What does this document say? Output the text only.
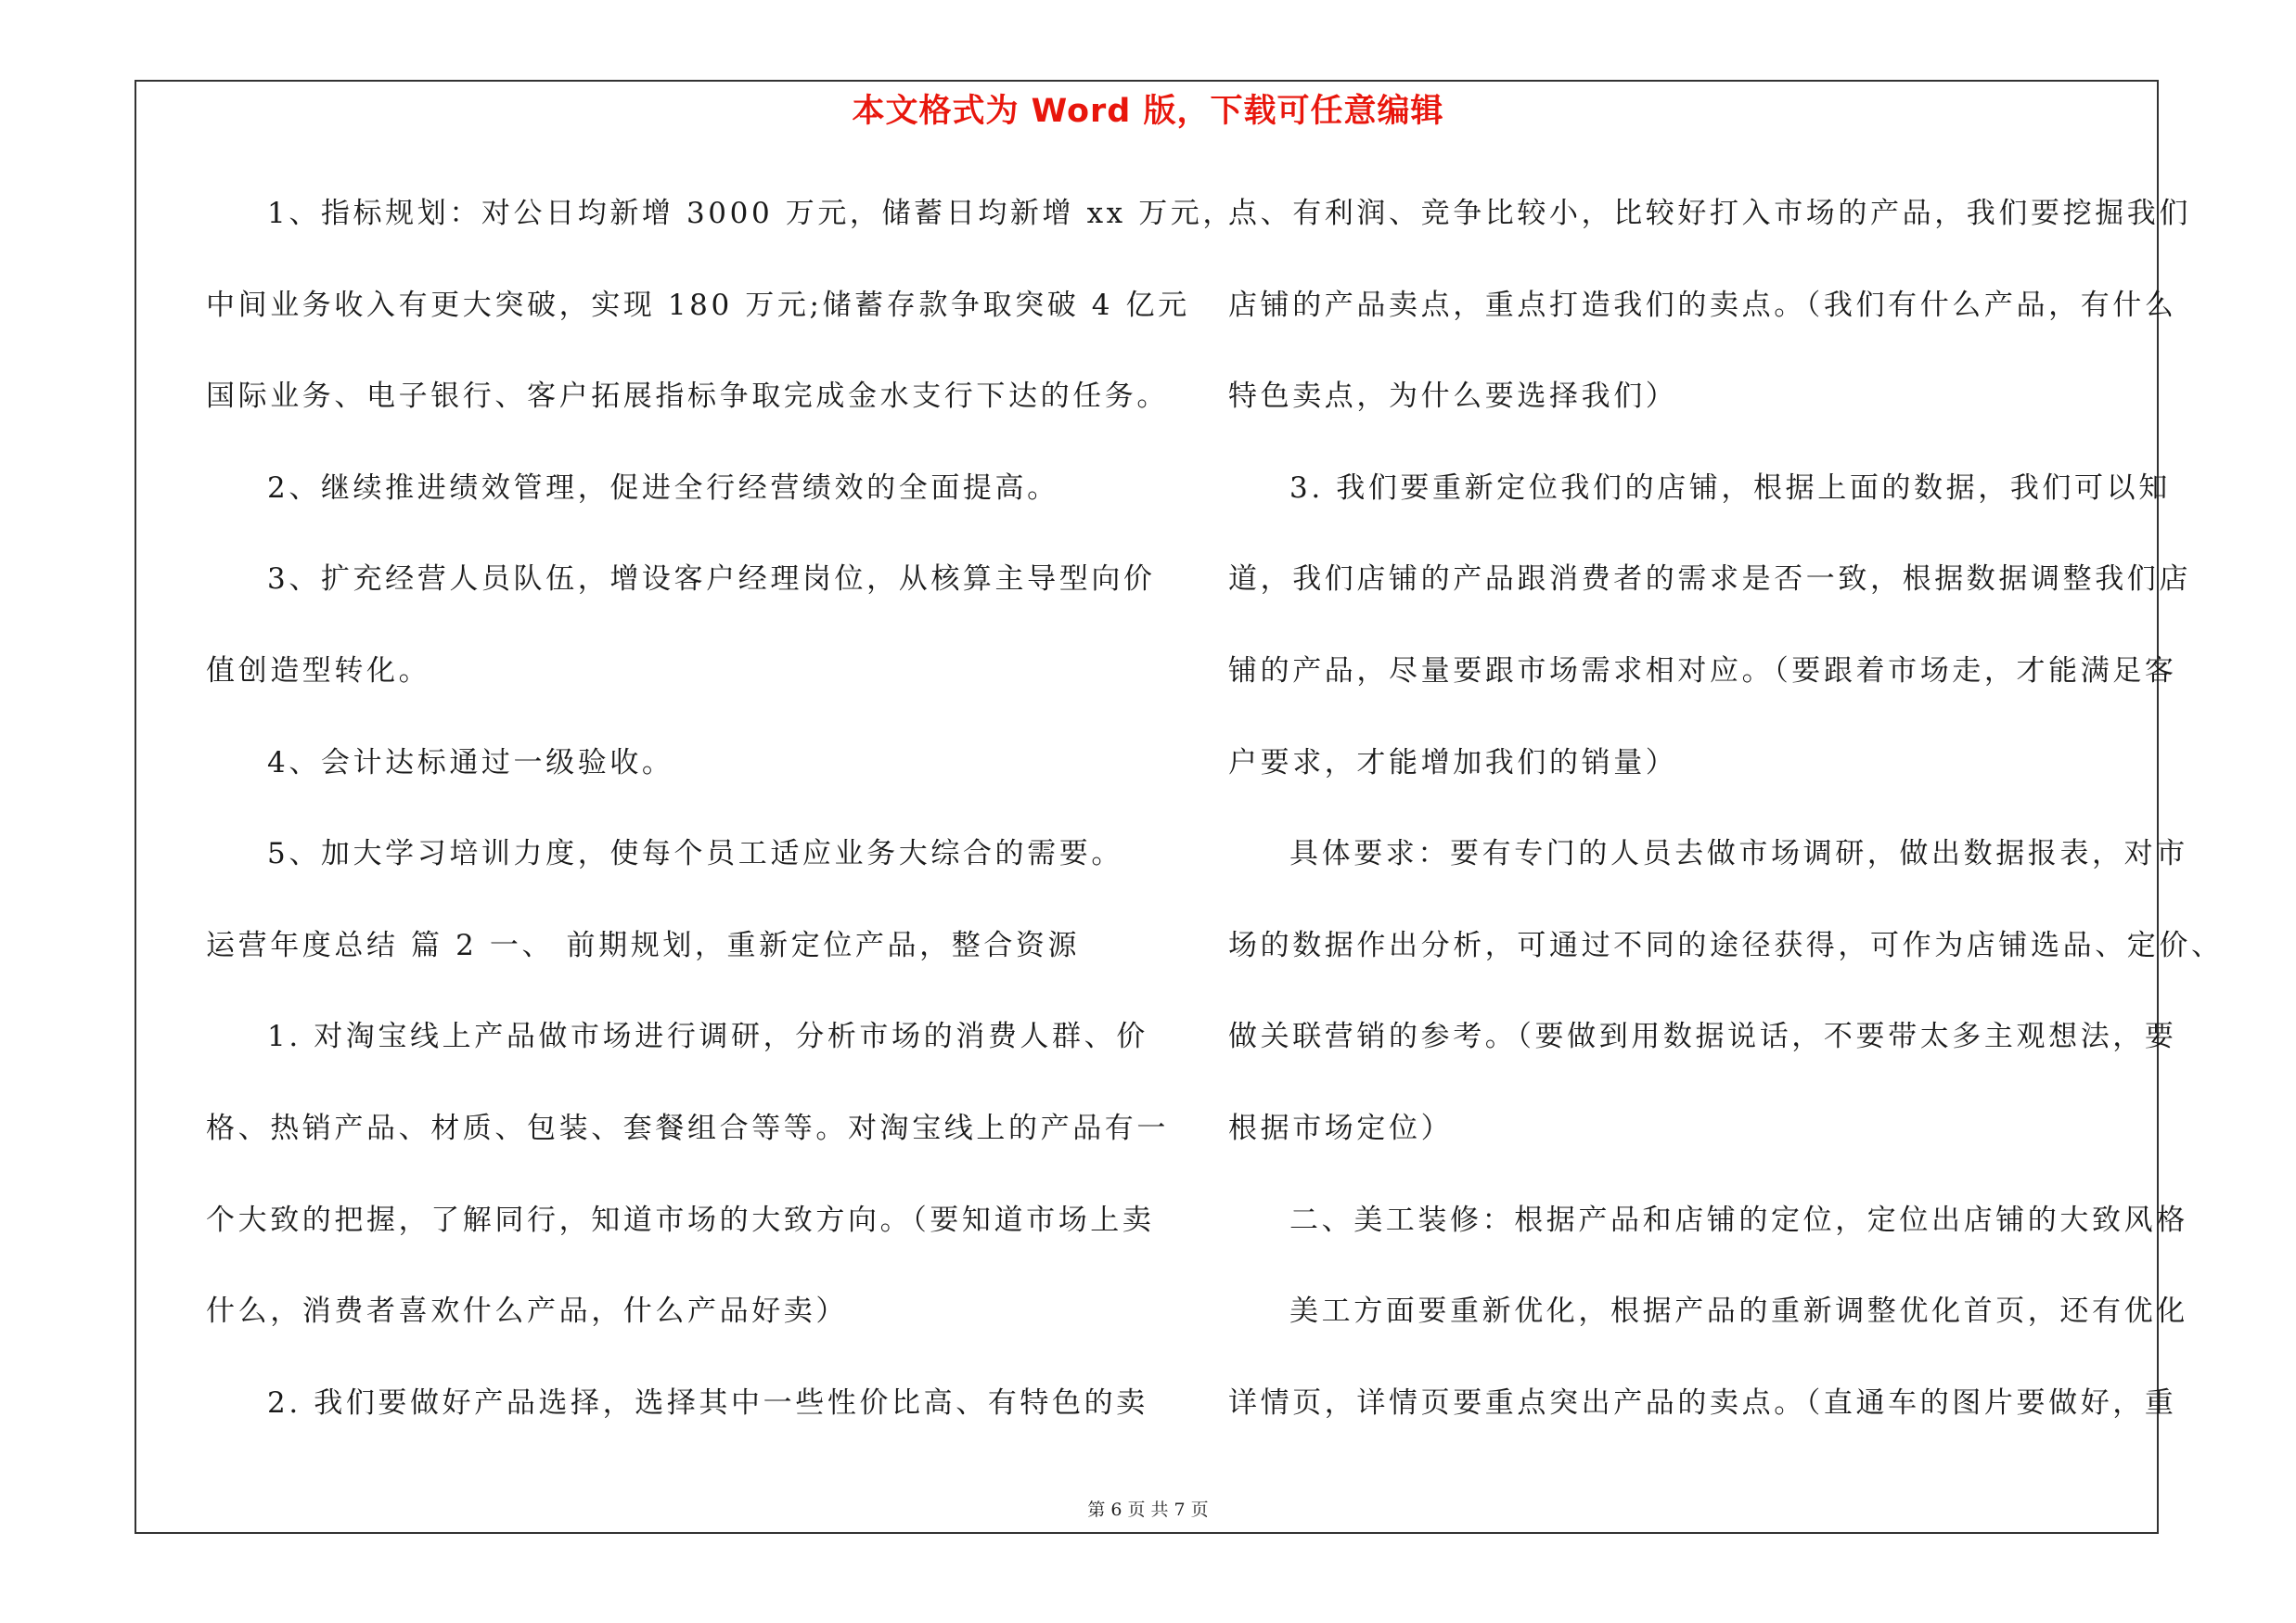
本文格式为 Word 版，下载可任意编辑
1、指标规划：对公日均新增 3000 万元，储蓄日均新增 xx 万元，
中间业务收入有更大突破，实现 180 万元;储蓄存款争取突破 4 亿元
国际业务、电子银行、客户拓展指标争取完成金水支行下达的任务。
2、继续推进绩效管理，促进全行经营绩效的全面提高。
3、扩充经营人员队伍，增设客户经理岗位，从核算主导型向价
值创造型转化。
4、会计达标通过一级验收。
5、加大学习培训力度，使每个员工适应业务大综合的需要。
运营年度总结 篇 2 一、 前期规划，重新定位产品，整合资源
1. 对淘宝线上产品做市场进行调研，分析市场的消费人群、价
格、热销产品、材质、包装、套餐组合等等。对淘宝线上的产品有一
个大致的把握，了解同行，知道市场的大致方向。（要知道市场上卖
什么，消费者喜欢什么产品，什么产品好卖）
2. 我们要做好产品选择，选择其中一些性价比高、有特色的卖
点、有利润、竞争比较小，比较好打入市场的产品，我们要挖掘我们
店铺的产品卖点，重点打造我们的卖点。（我们有什么产品，有什么
特色卖点，为什么要选择我们）
3. 我们要重新定位我们的店铺，根据上面的数据，我们可以知
道，我们店铺的产品跟消费者的需求是否一致，根据数据调整我们店
铺的产品，尽量要跟市场需求相对应。（要跟着市场走，才能满足客
户要求，才能增加我们的销量）
具体要求：要有专门的人员去做市场调研，做出数据报表，对市
场的数据作出分析，可通过不同的途径获得，可作为店铺选品、定价、
做关联营销的参考。（要做到用数据说话，不要带太多主观想法，要
根据市场定位）
二、美工装修：根据产品和店铺的定位，定位出店铺的大致风格
美工方面要重新优化，根据产品的重新调整优化首页，还有优化
详情页，详情页要重点突出产品的卖点。（直通车的图片要做好，重
第 6 页 共 7 页
